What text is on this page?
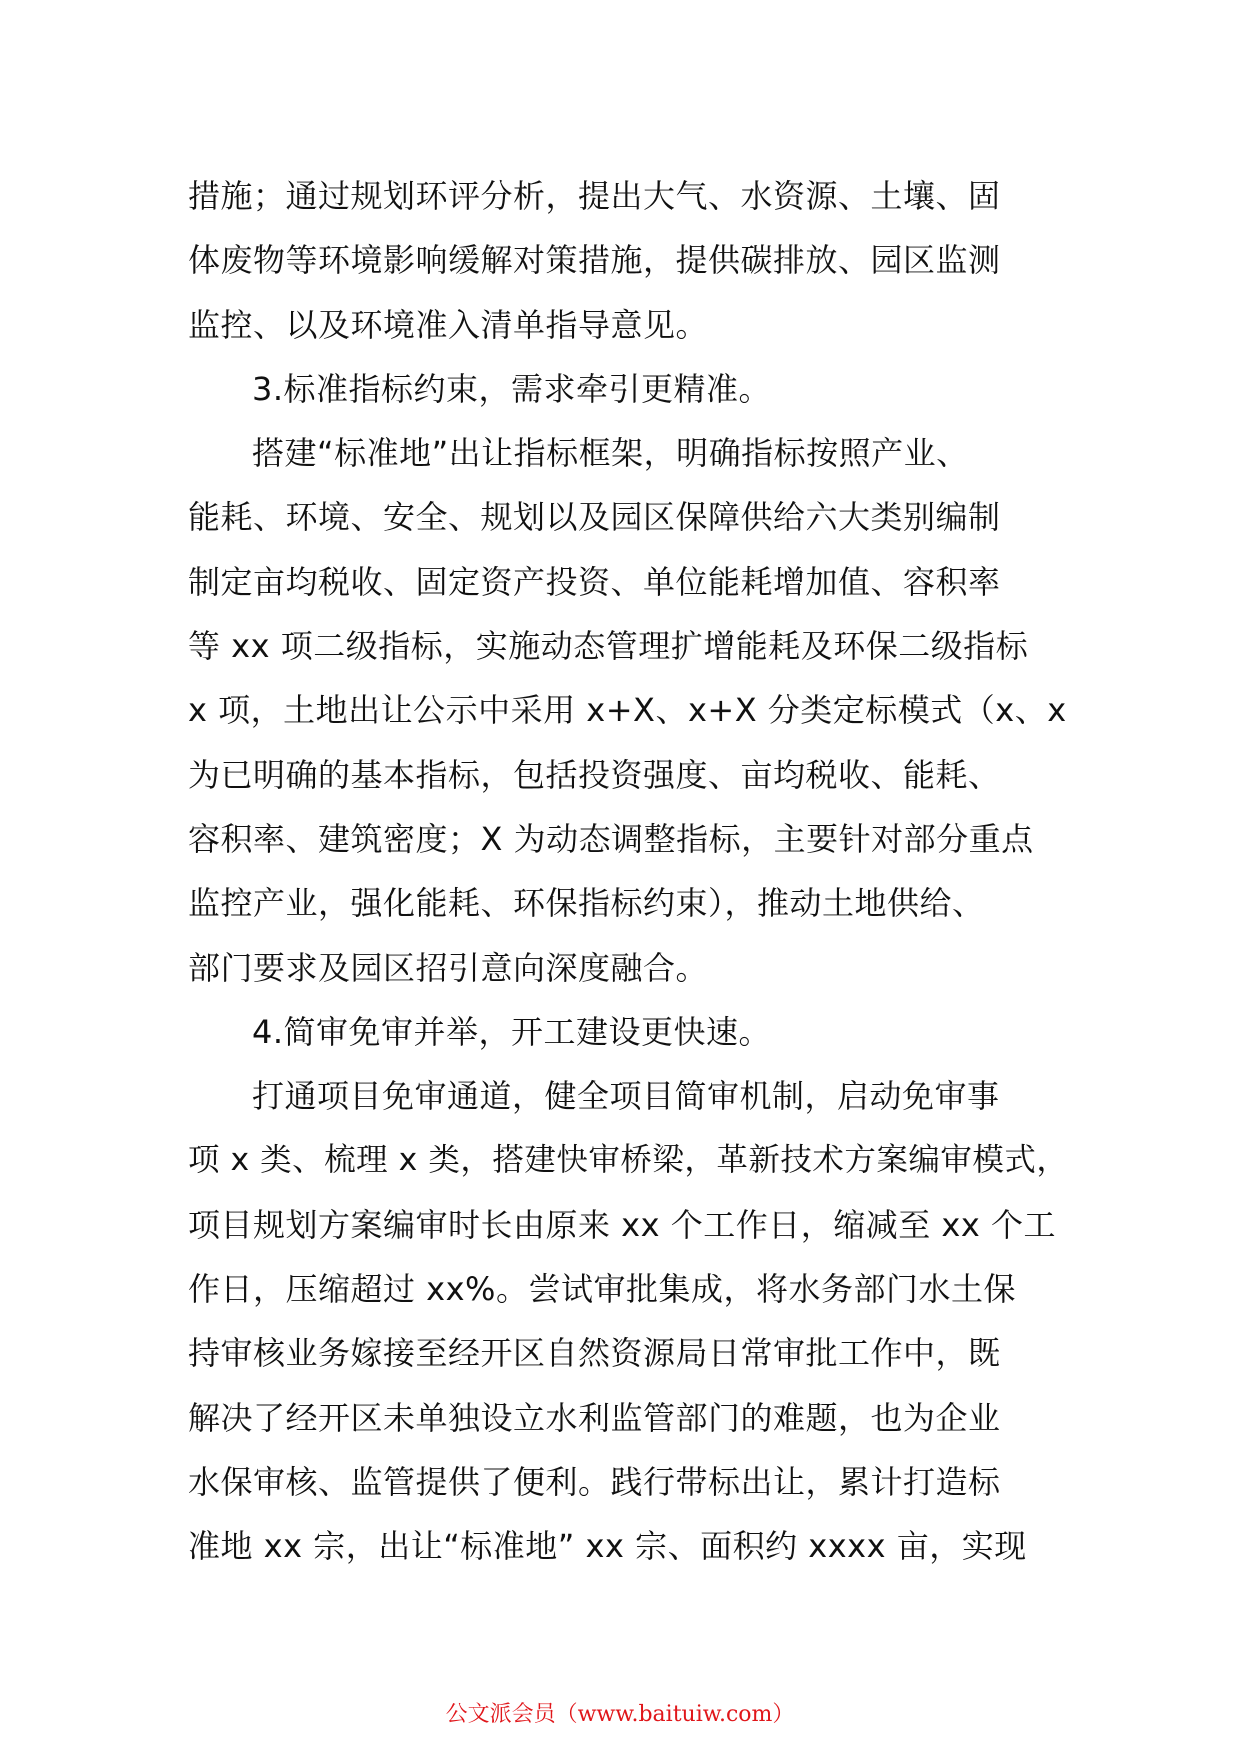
措施；通过规划环评分析，提出大气、水资源、土壤、固
体废物等环境影响缓解对策措施，提供碳排放、园区监测
监控、以及环境准入清单指导意见。
3.标准指标约束，需求牵引更精准。
搭建“标准地”出让指标框架，明确指标按照产业、
能耗、环境、安全、规划以及园区保障供给六大类别编制
制定亩均税收、固定资产投资、单位能耗增加值、容积率
等 xx 项二级指标，实施动态管理扩增能耗及环保二级指标
x 项，土地出让公示中采用 x+X、x+X 分类定标模式（x、x
为已明确的基本指标，包括投资强度、亩均税收、能耗、
容积率、建筑密度；X 为动态调整指标，主要针对部分重点
监控产业，强化能耗、环保指标约束），推动土地供给、
部门要求及园区招引意向深度融合。
4.简审免审并举，开工建设更快速。
打通项目免审通道，健全项目简审机制，启动免审事
项 x 类、梳理 x 类，搭建快审桥梁，革新技术方案编审模式，
项目规划方案编审时长由原来 xx 个工作日，缩减至 xx 个工
作日，压缩超过 xx%。尝试审批集成，将水务部门水土保
持审核业务嫁接至经开区自然资源局日常审批工作中，既
解决了经开区未单独设立水利监管部门的难题，也为企业
水保审核、监管提供了便利。践行带标出让，累计打造标
准地 xx 宗，出让“标准地” xx 宗、面积约 xxxx 亩，实现
公文派会员（www.baituiw.com）
